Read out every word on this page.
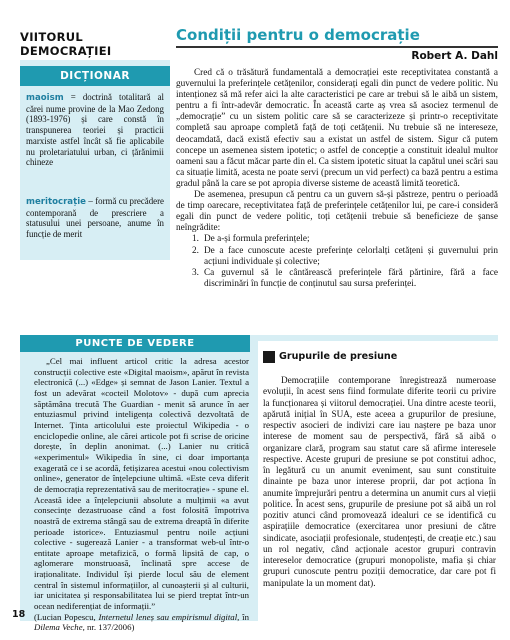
VIITORUL DEMOCRAȚIEI
Condiții pentru o democrație
Robert A. Dahl
DICȚIONAR
maoism = doctrină totalitară al cărei nume provine de la Mao Zedong (1893-1976) și care constă în transpunerea teoriei și practicii marxiste astfel încât să fie aplicabile nu proletariatului urban, ci țărănimii chineze
meritocrație – formă cu precădere contemporană de prescriere a statusului unei persoane, anume în funcție de merit

Cred că o trăsătură fundamentală a democrației este receptivitatea constantă a guvernului la preferințele cetățenilor, considerați egali din punct de vedere politic. Nu intenționez să mă refer aici la alte caracteristici pe care ar trebui să le aibă un sistem, pentru a fi într-adevăr democratic. În această carte aș vrea să asociez termenul de „democrație” cu un sistem politic care să se caracterizeze și printr-o receptivitate completă sau aproape completă față de toți cetățenii. Nu trebuie să ne intereseze, deocamdată, dacă există efectiv sau a existat un astfel de sistem. Sigur că putem concepe un asemenea sistem ipotetic; o astfel de concepție a constituit idealul multor oameni sau a făcut măcar parte din el. Ca sistem ipotetic situat la capătul unei scări sau ca situație limită, acesta ne poate servi (precum un vid perfect) ca bază pentru a estima gradul până la care se pot apropia diverse sisteme de această limită teoretică.

De asemenea, presupun că pentru ca un guvern să-și păstreze, pentru o perioadă de timp oarecare, receptivitatea față de preferințele cetățenilor lui, pe care-i consideră egali din punct de vedere politic, toți cetățenii trebuie să beneficieze de șanse neîngrădite:

1. De a-și formula preferințele;
2. De a face cunoscute aceste preferințe celorlalți cetățeni și guvernului prin acțiuni individuale și colective;
3. Ca guvernul să le cântărească preferințele fără părtinire, fără a face discriminări în funcție de conținutul sau sursa preferinței.
PUNCTE DE VEDERE

„Cel mai influent articol critic la adresa acestor construcții colective este «Digital maoism», apărut în revista electronică (...) «Edge» și semnat de Jason Lanier. Textul a fost un adevărat «cocteil Molotov» - după cum aprecia săptămâna trecută The Guardian - menit să arunce în aer entuziasmul privind inteligența colectivă dezvoltată de Internet. Ținta articolului este proiectul Wikipedia - o enciclopedie online, ale cărei articole pot fi scrise de oricine dorește, în deplin anonimat. (...) Lanier nu critică «experimentul» Wikipedia în sine, ci doar importanța exagerată ce i se acordă, fetișizarea acestui «nou colectivism online», generator de înțelepciune ultimă. «Este ceva diferit de democrația reprezentativă sau de meritocrație» - spune el. Această idee a înțelepciunii absolute a mulțimii «a avut consecințe dezastruoase când a fost folosită împotriva noastră de extrema stângă sau de extrema dreaptă în diferite perioade istorice». Entuziasmul pentru noile acțiuni colective - sugerează Lanier - a transformat web-ul într-o entitate aproape metafizică, o formă lipsită de cap, o aglomerare monstruoasă, înclinată spre accese de iraționalitate. Individul își pierde locul său de element central în sistemul informațiilor, al cunoașterii și al culturii, iar unicitatea și responsabilitatea lui se pierd treptat într-un ocean nediferențiat de informații.”

(Lucian Popescu, Internetul leneș sau empirismul digital, în Dilema Veche, nr. 137/2006)

Grupurile de presiune

Democrațiile contemporane înregistrează numeroase evoluții, în acest sens fiind formulate diferite teorii cu privire la funcționarea și viitorul democrației. Una dintre aceste teorii, apărută inițial în SUA, este aceea a grupurilor de presiune, respectiv asocieri de indivizi care iau naștere pe baza unor interese de moment sau de perspectivă, fără să aibă o organizare clară, program sau statut care să afirme interesele respective. Aceste grupuri de presiune se pot constitui adhoc, în legătură cu un anumit eveniment, sau sunt constituite dinainte pe baza unor interese proprii, dar pot acționa în anumite împrejurări pentru a determina un anumit curs al vieții politice. În acest sens, grupurile de presiune pot să aibă un rol pozitiv atunci când promovează idealuri ce se identifică cu aspirațiile democratice (exercitarea unor presiuni de către sindicate, asociații profesionale, studențești, de creație etc.) sau un rol negativ, când acționale acestor grupuri contravin intereselor democratice (grupuri monopoliste, mafia și chiar grupuri cunoscute pentru poziții democratice, dar care pot fi manipulate la un moment dat).

18
